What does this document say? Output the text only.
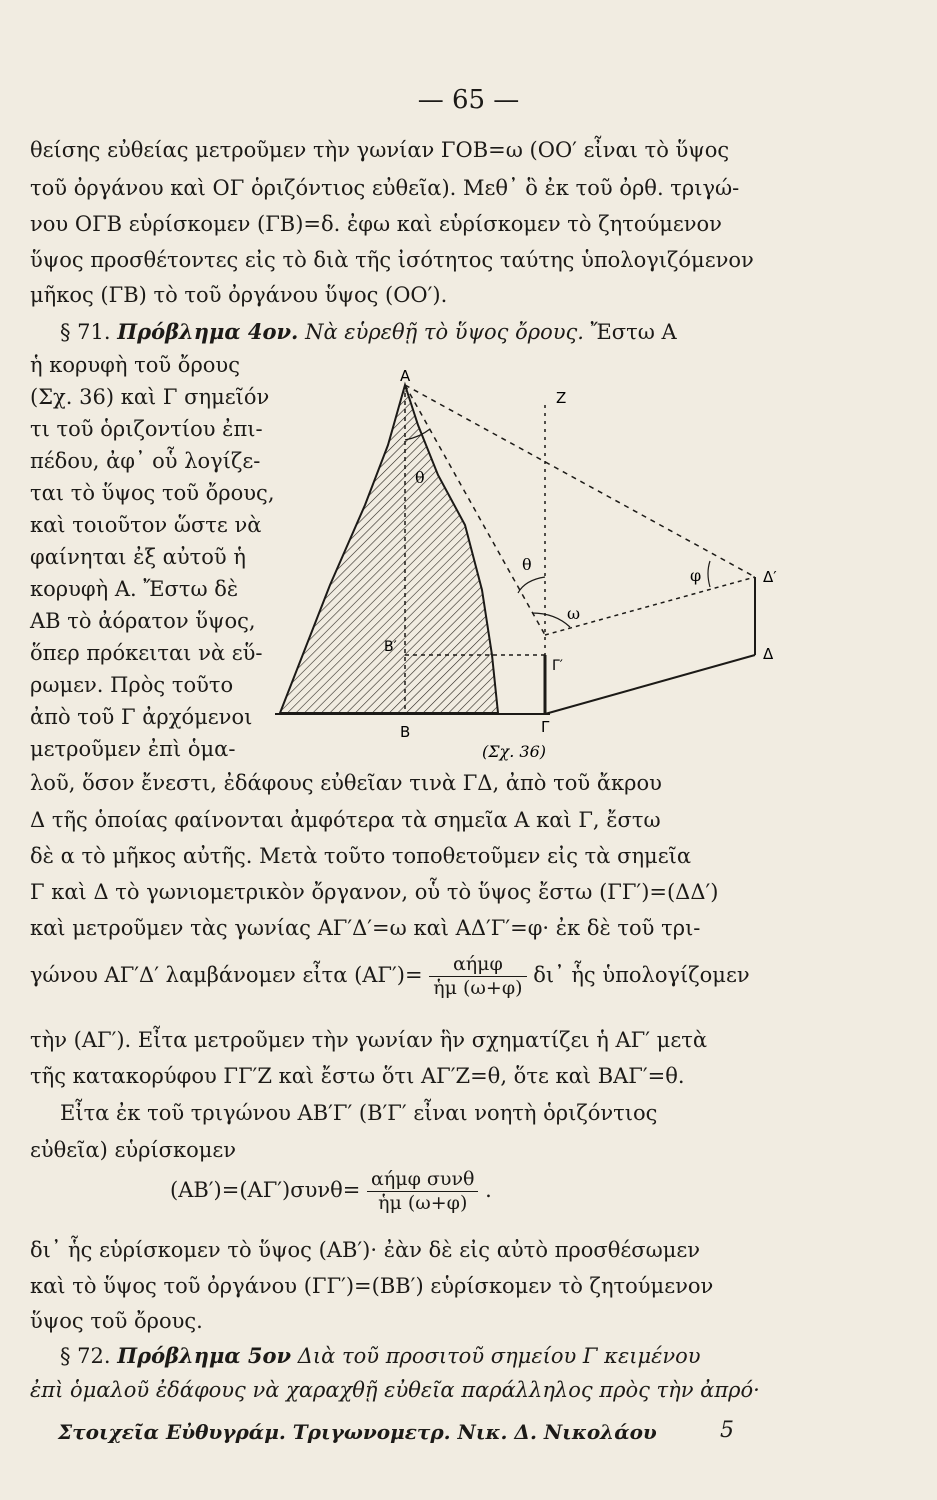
— 65 —
θείσης εὐθείας μετροῦμεν τὴν γωνίαν ΓΟΒ=ω (ΟΟ′ εἶναι τὸ ὕψος
τοῦ ὀργάνου καὶ ΟΓ ὁριζόντιος εὐθεῖα). Μεθ᾽ ὃ ἐκ τοῦ ὀρθ. τριγώ-
νου ΟΓΒ εὑρίσκομεν (ΓΒ)=δ. ἐφω καὶ εὑρίσκομεν τὸ ζητούμενον
ὕψος προσθέτοντες εἰς τὸ διὰ τῆς ἰσότητος ταύτης ὑπολογιζόμενον
μῆκος (ΓΒ) τὸ τοῦ ὀργάνου ὕψος (ΟΟ′).
§ 71. Πρόβλημα 4ον. Νὰ εὑρεθῇ τὸ ὕψος ὄρους. Ἔστω Α
ἡ κορυφὴ τοῦ ὄρους
(Σχ. 36) καὶ Γ σημεῖόν
τι τοῦ ὁριζοντίου ἐπι-
πέδου, ἀφ᾽ οὗ λογίζε-
ται τὸ ὕψος τοῦ ὄρους,
καὶ τοιοῦτον ὥστε νὰ
φαίνηται ἐξ αὐτοῦ ἡ
κορυφὴ Α. Ἔστω δὲ
ΑΒ τὸ ἀόρατον ὕψος,
ὅπερ πρόκειται νὰ εὕ-
ρωμεν. Πρὸς τοῦτο
ἀπὸ τοῦ Γ ἀρχόμενοι
μετροῦμεν ἐπὶ ὁμα-
A
Z
θ
θ
ω
φ	Δ′
Δ
B′
Γ′
B	Γ
(Σχ. 36)
λοῦ, ὅσον ἔνεστι, ἐδάφους εὐθεῖαν τινὰ ΓΔ, ἀπὸ τοῦ ἄκρου
Δ τῆς ὁποίας φαίνονται ἀμφότερα τὰ σημεῖα Α καὶ Γ, ἔστω
δὲ α τὸ μῆκος αὐτῆς. Μετὰ τοῦτο τοποθετοῦμεν εἰς τὰ σημεῖα
Γ καὶ Δ τὸ γωνιομετρικὸν ὄργανον, οὗ τὸ ὕψος ἔστω (ΓΓ′)=(ΔΔ′)
καὶ μετροῦμεν τὰς γωνίας ΑΓ′Δ′=ω καὶ ΑΔ′Γ′=φ· ἐκ δὲ τοῦ τρι-
γώνου ΑΓ′Δ′ λαμβάνομεν εἶτα $(A\Gamma')= \frac{\text{αήμφ}}{\text{ἡμ (ω+φ)}}$ δι᾽ ἧς ὑπολογίζομεν
τὴν (ΑΓ′). Εἶτα μετροῦμεν τὴν γωνίαν ἣν σχηματίζει ἡ ΑΓ′ μετὰ
τῆς κατακορύφου ΓΓ′Ζ καὶ ἔστω ὅτι ΑΓ′Ζ=θ, ὅτε καὶ ΒΑΓ′=θ.
Εἶτα ἐκ τοῦ τριγώνου ΑΒ′Γ′ (Β′Γ′ εἶναι νοητὴ ὁριζόντιος
εὐθεῖα) εὑρίσκομεν
$(AB')=(A\Gamma')\sigma\upsilon\nu\theta= \frac{\text{αήμφ συνθ}}{\text{ἡμ (ω+φ)}}$ .
δι᾽ ἧς εὑρίσκομεν τὸ ὕψος (ΑΒ′)· ἐὰν δὲ εἰς αὐτὸ προσθέσωμεν
καὶ τὸ ὕψος τοῦ ὀργάνου (ΓΓ′)=(ΒΒ′) εὑρίσκομεν τὸ ζητούμενον
ὕψος τοῦ ὄρους.
§ 72. Πρόβλημα 5ον Διὰ τοῦ προσιτοῦ σημείου Γ κειμένου
ἐπὶ ὁμαλοῦ ἐδάφους νὰ χαραχθῇ εὐθεῖα παράλληλος πρὸς τὴν ἀπρό·
Στοιχεῖα Εὐθυγράμ. Τριγωνομετρ. Νικ. Δ. Νικολάου	5
